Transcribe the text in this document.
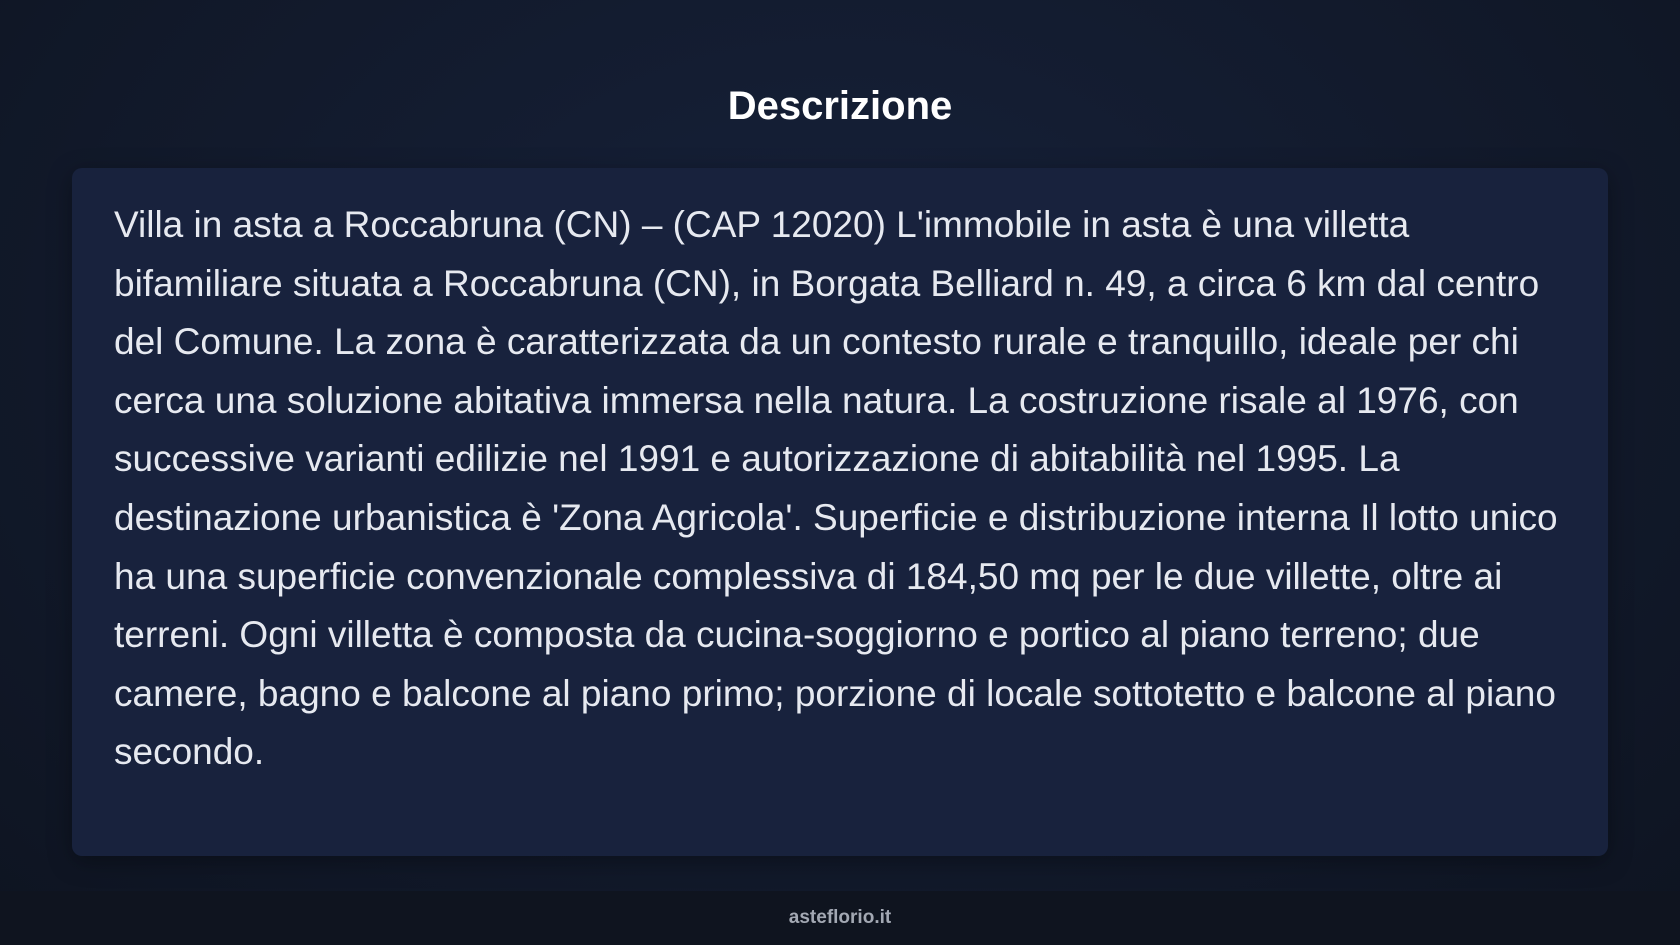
Descrizione

Villa in asta a Roccabruna (CN) – (CAP 12020) L'immobile in asta è una villetta bifamiliare situata a Roccabruna (CN), in Borgata Belliard n. 49, a circa 6 km dal centro del Comune. La zona è caratterizzata da un contesto rurale e tranquillo, ideale per chi cerca una soluzione abitativa immersa nella natura. La costruzione risale al 1976, con successive varianti edilizie nel 1991 e autorizzazione di abitabilità nel 1995. La destinazione urbanistica è 'Zona Agricola'. Superficie e distribuzione interna Il lotto unico ha una superficie convenzionale complessiva di 184,50 mq per le due villette, oltre ai terreni. Ogni villetta è composta da cucina-soggiorno e portico al piano terreno; due camere, bagno e balcone al piano primo; porzione di locale sottotetto e balcone al piano secondo.

asteflorio.it
